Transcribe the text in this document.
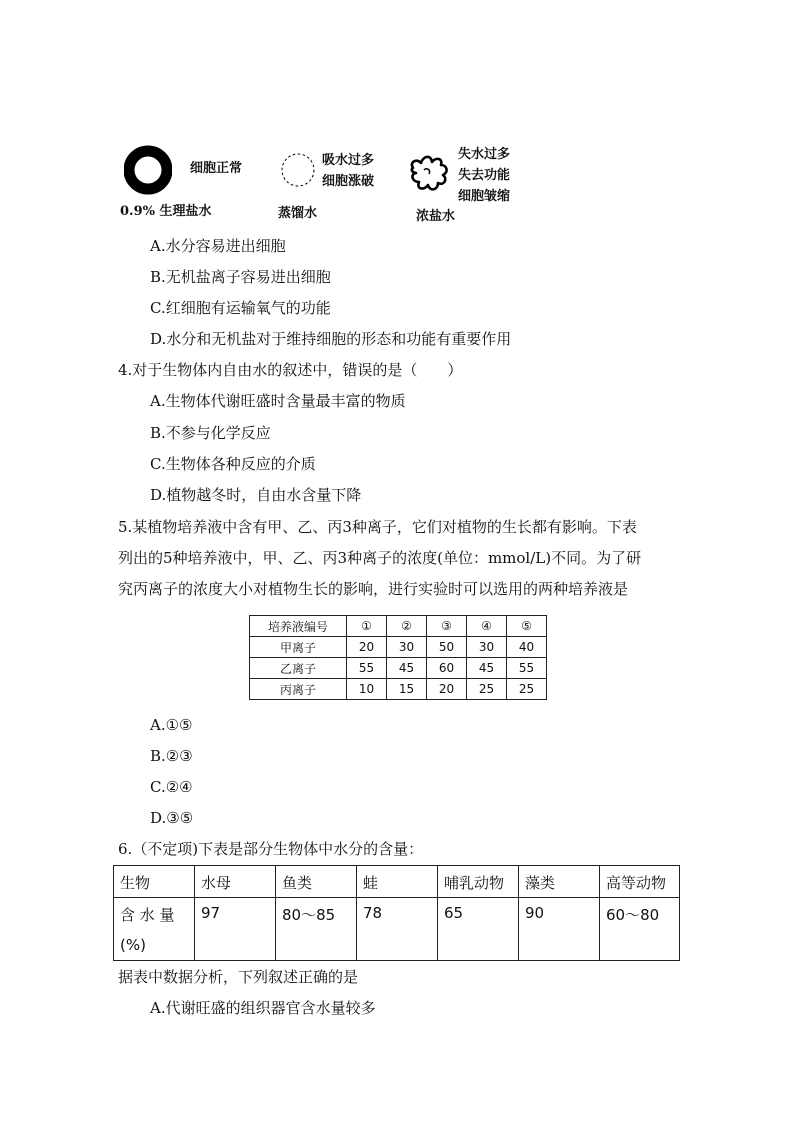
细胞正常
0.9% 生理盐水
吸水过多
细胞涨破
蒸馏水
失水过多
失去功能
细胞皱缩
浓盐水
A.水分容易进出细胞
B.无机盐离子容易进出细胞
C.红细胞有运输氧气的功能
D.水分和无机盐对于维持细胞的形态和功能有重要作用
4.对于生物体内自由水的叙述中，错误的是（　　）
A.生物体代谢旺盛时含量最丰富的物质
B.不参与化学反应
C.生物体各种反应的介质
D.植物越冬时，自由水含量下降
5.某植物培养液中含有甲、乙、丙3种离子，它们对植物的生长都有影响。下表
列出的5种培养液中，甲、乙、丙3种离子的浓度(单位：mmol/L)不同。为了研
究丙离子的浓度大小对植物生长的影响，进行实验时可以选用的两种培养液是
培养液编号	①	②	③	④	⑤
甲离子	20	30	50	30	40
乙离子	55	45	60	45	55
丙离子	10	15	20	25	25
A.①⑤
B.②③
C.②④
D.③⑤
6.（不定项)下表是部分生物体中水分的含量：
生物	水母	鱼类	蛙	哺乳动物	藻类	高等动物
含 水 量 (%)	97	80～85	78	65	90	60～80
据表中数据分析，下列叙述正确的是
A.代谢旺盛的组织器官含水量较多
